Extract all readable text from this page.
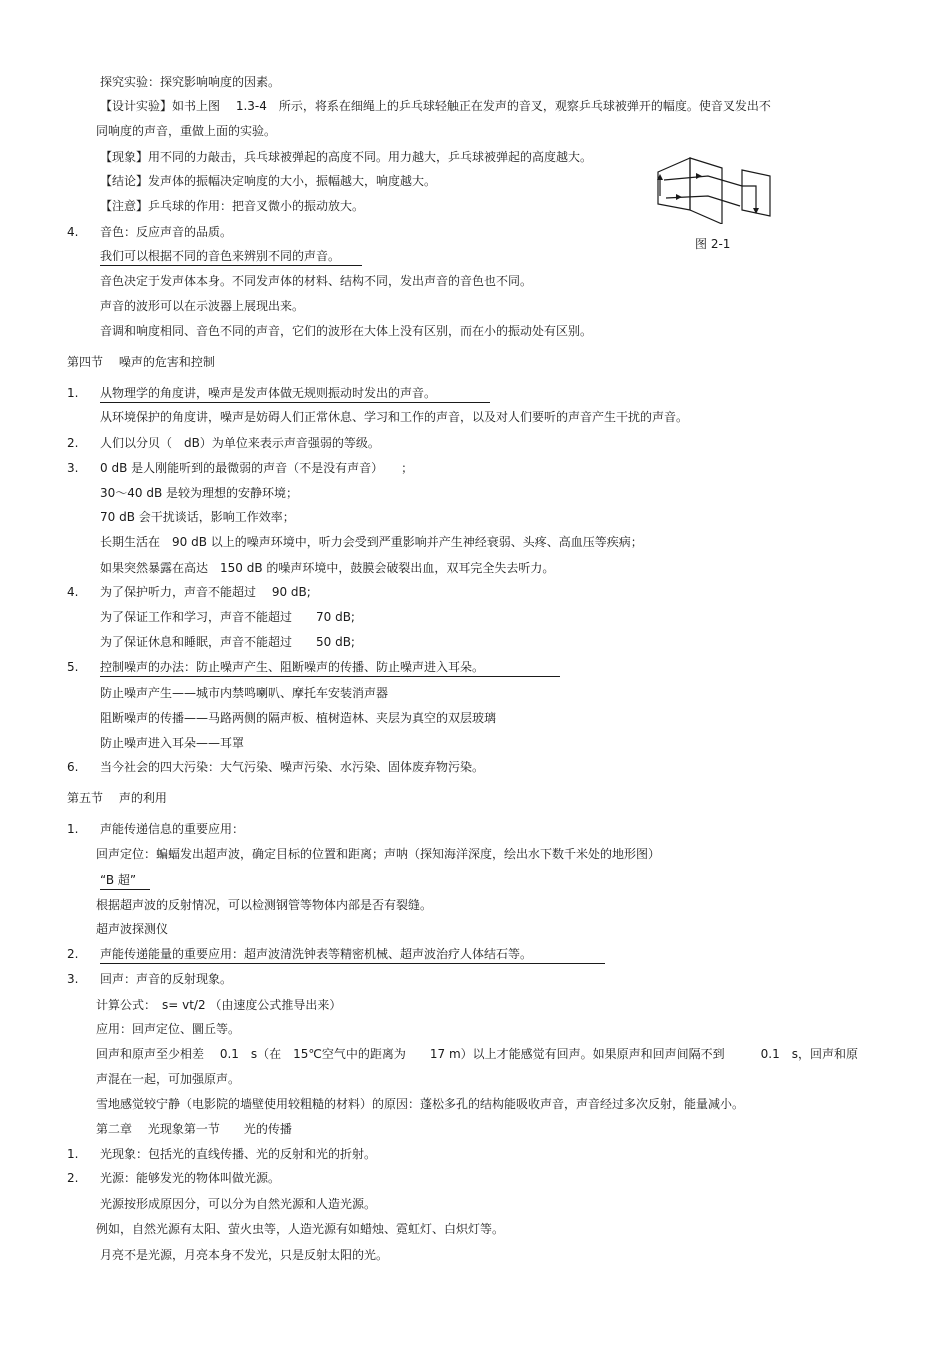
探究实验：探究影响响度的因素。
【设计实验】如书上图　 1.3-4　所示，将系在细绳上的乒乓球轻触正在发声的音叉，观察乒乓球被弹开的幅度。使音叉发出不
同响度的声音，重做上面的实验。
【现象】用不同的力敲击，兵乓球被弹起的高度不同。用力越大，乒乓球被弹起的高度越大。
【结论】发声体的振幅决定响度的大小，振幅越大，响度越大。
【注意】乒乓球的作用：把音叉微小的振动放大。
图 2-1
4. 音色：反应声音的品质。
我们可以根据不同的音色来辨别不同的声音。
音色决定于发声体本身。不同发声体的材料、结构不同，发出声音的音色也不同。
声音的波形可以在示波器上展现出来。
音调和响度相同、音色不同的声音，它们的波形在大体上没有区别，而在小的振动处有区别。
第四节　 噪声的危害和控制
1. 从物理学的角度讲，噪声是发声体做无规则振动时发出的声音。
从环境保护的角度讲，噪声是妨碍人们正常休息、学习和工作的声音，以及对人们要听的声音产生干扰的声音。
2. 人们以分贝（　dB）为单位来表示声音强弱的等级。
3. 0 dB 是人刚能听到的最微弱的声音（不是没有声音）　　；
30～40 dB 是较为理想的安静环境；
70 dB 会干扰谈话，影响工作效率；
长期生活在　90 dB 以上的噪声环境中，听力会受到严重影响并产生神经衰弱、头疼、高血压等疾病；
如果突然暴露在高达　150 dB 的噪声环境中，鼓膜会破裂出血，双耳完全失去听力。
4. 为了保护听力，声音不能超过　 90 dB;
为了保证工作和学习，声音不能超过　　70 dB;
为了保证休息和睡眠，声音不能超过　　50 dB;
5. 控制噪声的办法：防止噪声产生、阻断噪声的传播、防止噪声进入耳朵。
防止噪声产生——城市内禁鸣喇叭、摩托车安装消声器
阻断噪声的传播——马路两侧的隔声板、植树造林、夹层为真空的双层玻璃
防止噪声进入耳朵——耳罩
6. 当今社会的四大污染：大气污染、噪声污染、水污染、固体废弃物污染。
第五节　 声的利用
1. 声能传递信息的重要应用：
回声定位：蝙蝠发出超声波，确定目标的位置和距离；声呐（探知海洋深度，绘出水下数千米处的地形图）
“B 超”
根据超声波的反射情况，可以检测钢管等物体内部是否有裂缝。
超声波探测仪
2. 声能传递能量的重要应用：超声波清洗钟表等精密机械、超声波治疗人体结石等。
3. 回声：声音的反射现象。
计算公式：　s= vt/2 （由速度公式推导出来）
应用：回声定位、圜丘等。
回声和原声至少相差　 0.1　s（在　15℃空气中的距离为　　17 m）以上才能感觉有回声。如果原声和回声间隔不到　　　0.1　s，回声和原
声混在一起，可加强原声。
雪地感觉较宁静（电影院的墙壁使用较粗糙的材料）的原因：蓬松多孔的结构能吸收声音，声音经过多次反射，能量减小。
第二章　 光现象第一节　　光的传播
1. 光现象：包括光的直线传播、光的反射和光的折射。
2. 光源：能够发光的物体叫做光源。
光源按形成原因分，可以分为自然光源和人造光源。
例如，自然光源有太阳、萤火虫等，人造光源有如蜡烛、霓虹灯、白炽灯等。
月亮不是光源，月亮本身不发光，只是反射太阳的光。
